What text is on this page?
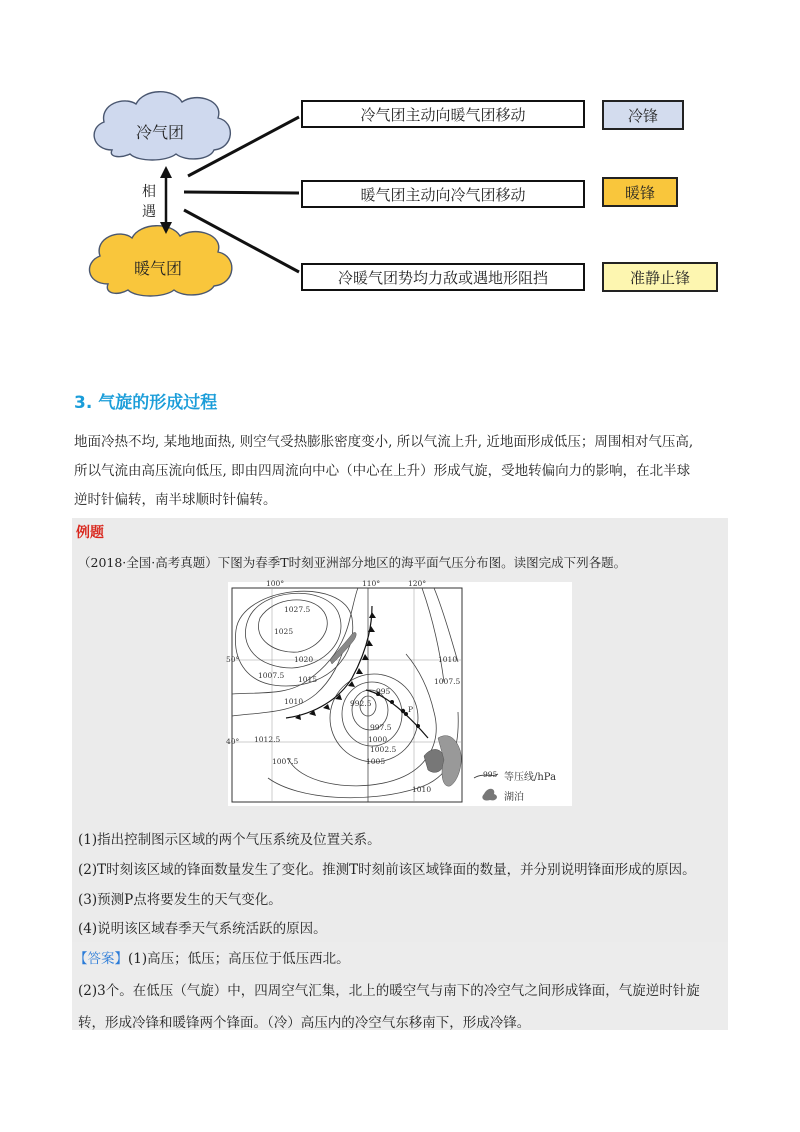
冷气团
暖气团
相遇
冷气团主动向暖气团移动
暖气团主动向冷气团移动
冷暖气团势均力敌或遇地形阻挡
冷锋
暖锋
准静止锋
3. 气旋的形成过程
地面冷热不均, 某地地面热, 则空气受热膨胀密度变小, 所以气流上升, 近地面形成低压；周围相对气压高,
所以气流由高压流向低压, 即由四周流向中心（中心在上升）形成气旋，受地转偏向力的影响，在北半球
逆时针偏转，南半球顺时针偏转。
例题
（2018·全国·高考真题）下图为春季T时刻亚洲部分地区的海平面气压分布图。读图完成下列各题。
P
100°	110°	120°
50°
40°
1027.5
1025
1020
1015
1010
1007.5
1012.5
1007.5
1010
1007.5
995
992.5
997.5
1000
1002.5
1005
1010
995 等压线/hPa
湖泊
(1)指出控制图示区域的两个气压系统及位置关系。
(2)T时刻该区域的锋面数量发生了变化。推测T时刻前该区域锋面的数量，并分别说明锋面形成的原因。
(3)预测P点将要发生的天气变化。
(4)说明该区域春季天气系统活跃的原因。
【答案】(1)高压；低压；高压位于低压西北。
(2)3个。在低压（气旋）中，四周空气汇集，北上的暖空气与南下的冷空气之间形成锋面，气旋逆时针旋
转，形成冷锋和暖锋两个锋面。（冷）高压内的冷空气东移南下，形成冷锋。
